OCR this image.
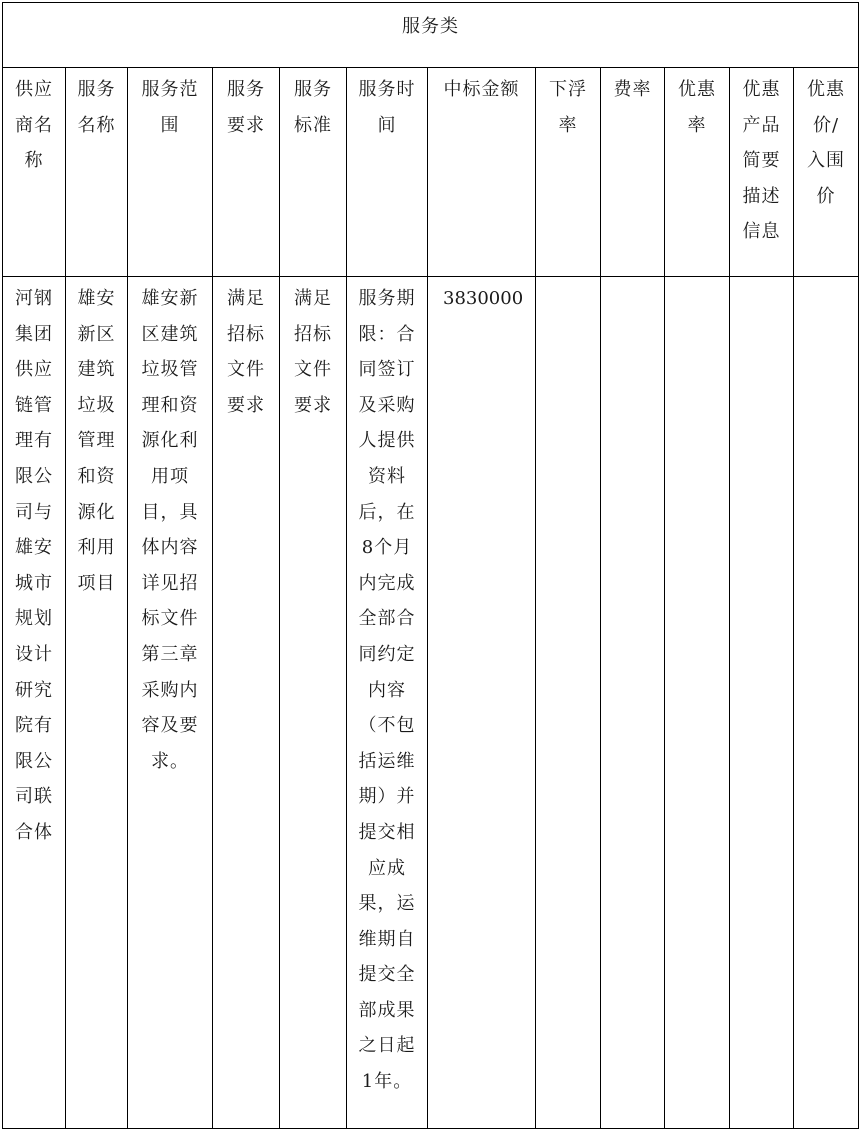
服务类											

供应商名称	服务名称	服务范围	服务要求	服务标准	服务时间	中标金额	下浮率	费率	优惠率	优惠产品简要描述信息	优惠价/入围价

河钢集团供应链管理有限公司与雄安城市规划设计研究院有限公司联合体	雄安新区建筑垃圾管理和资源化利用项目	雄安新区建筑垃圾管理和资源化利用项目，具体内容详见招标文件第三章采购内容及要求。	满足招标文件要求	满足招标文件要求	服务期限：合同签订及采购人提供资料后，在8个月内完成全部合同约定内容（不包括运维期）并提交相应成果，运维期自提交全部成果之日起1年。	3830000					
